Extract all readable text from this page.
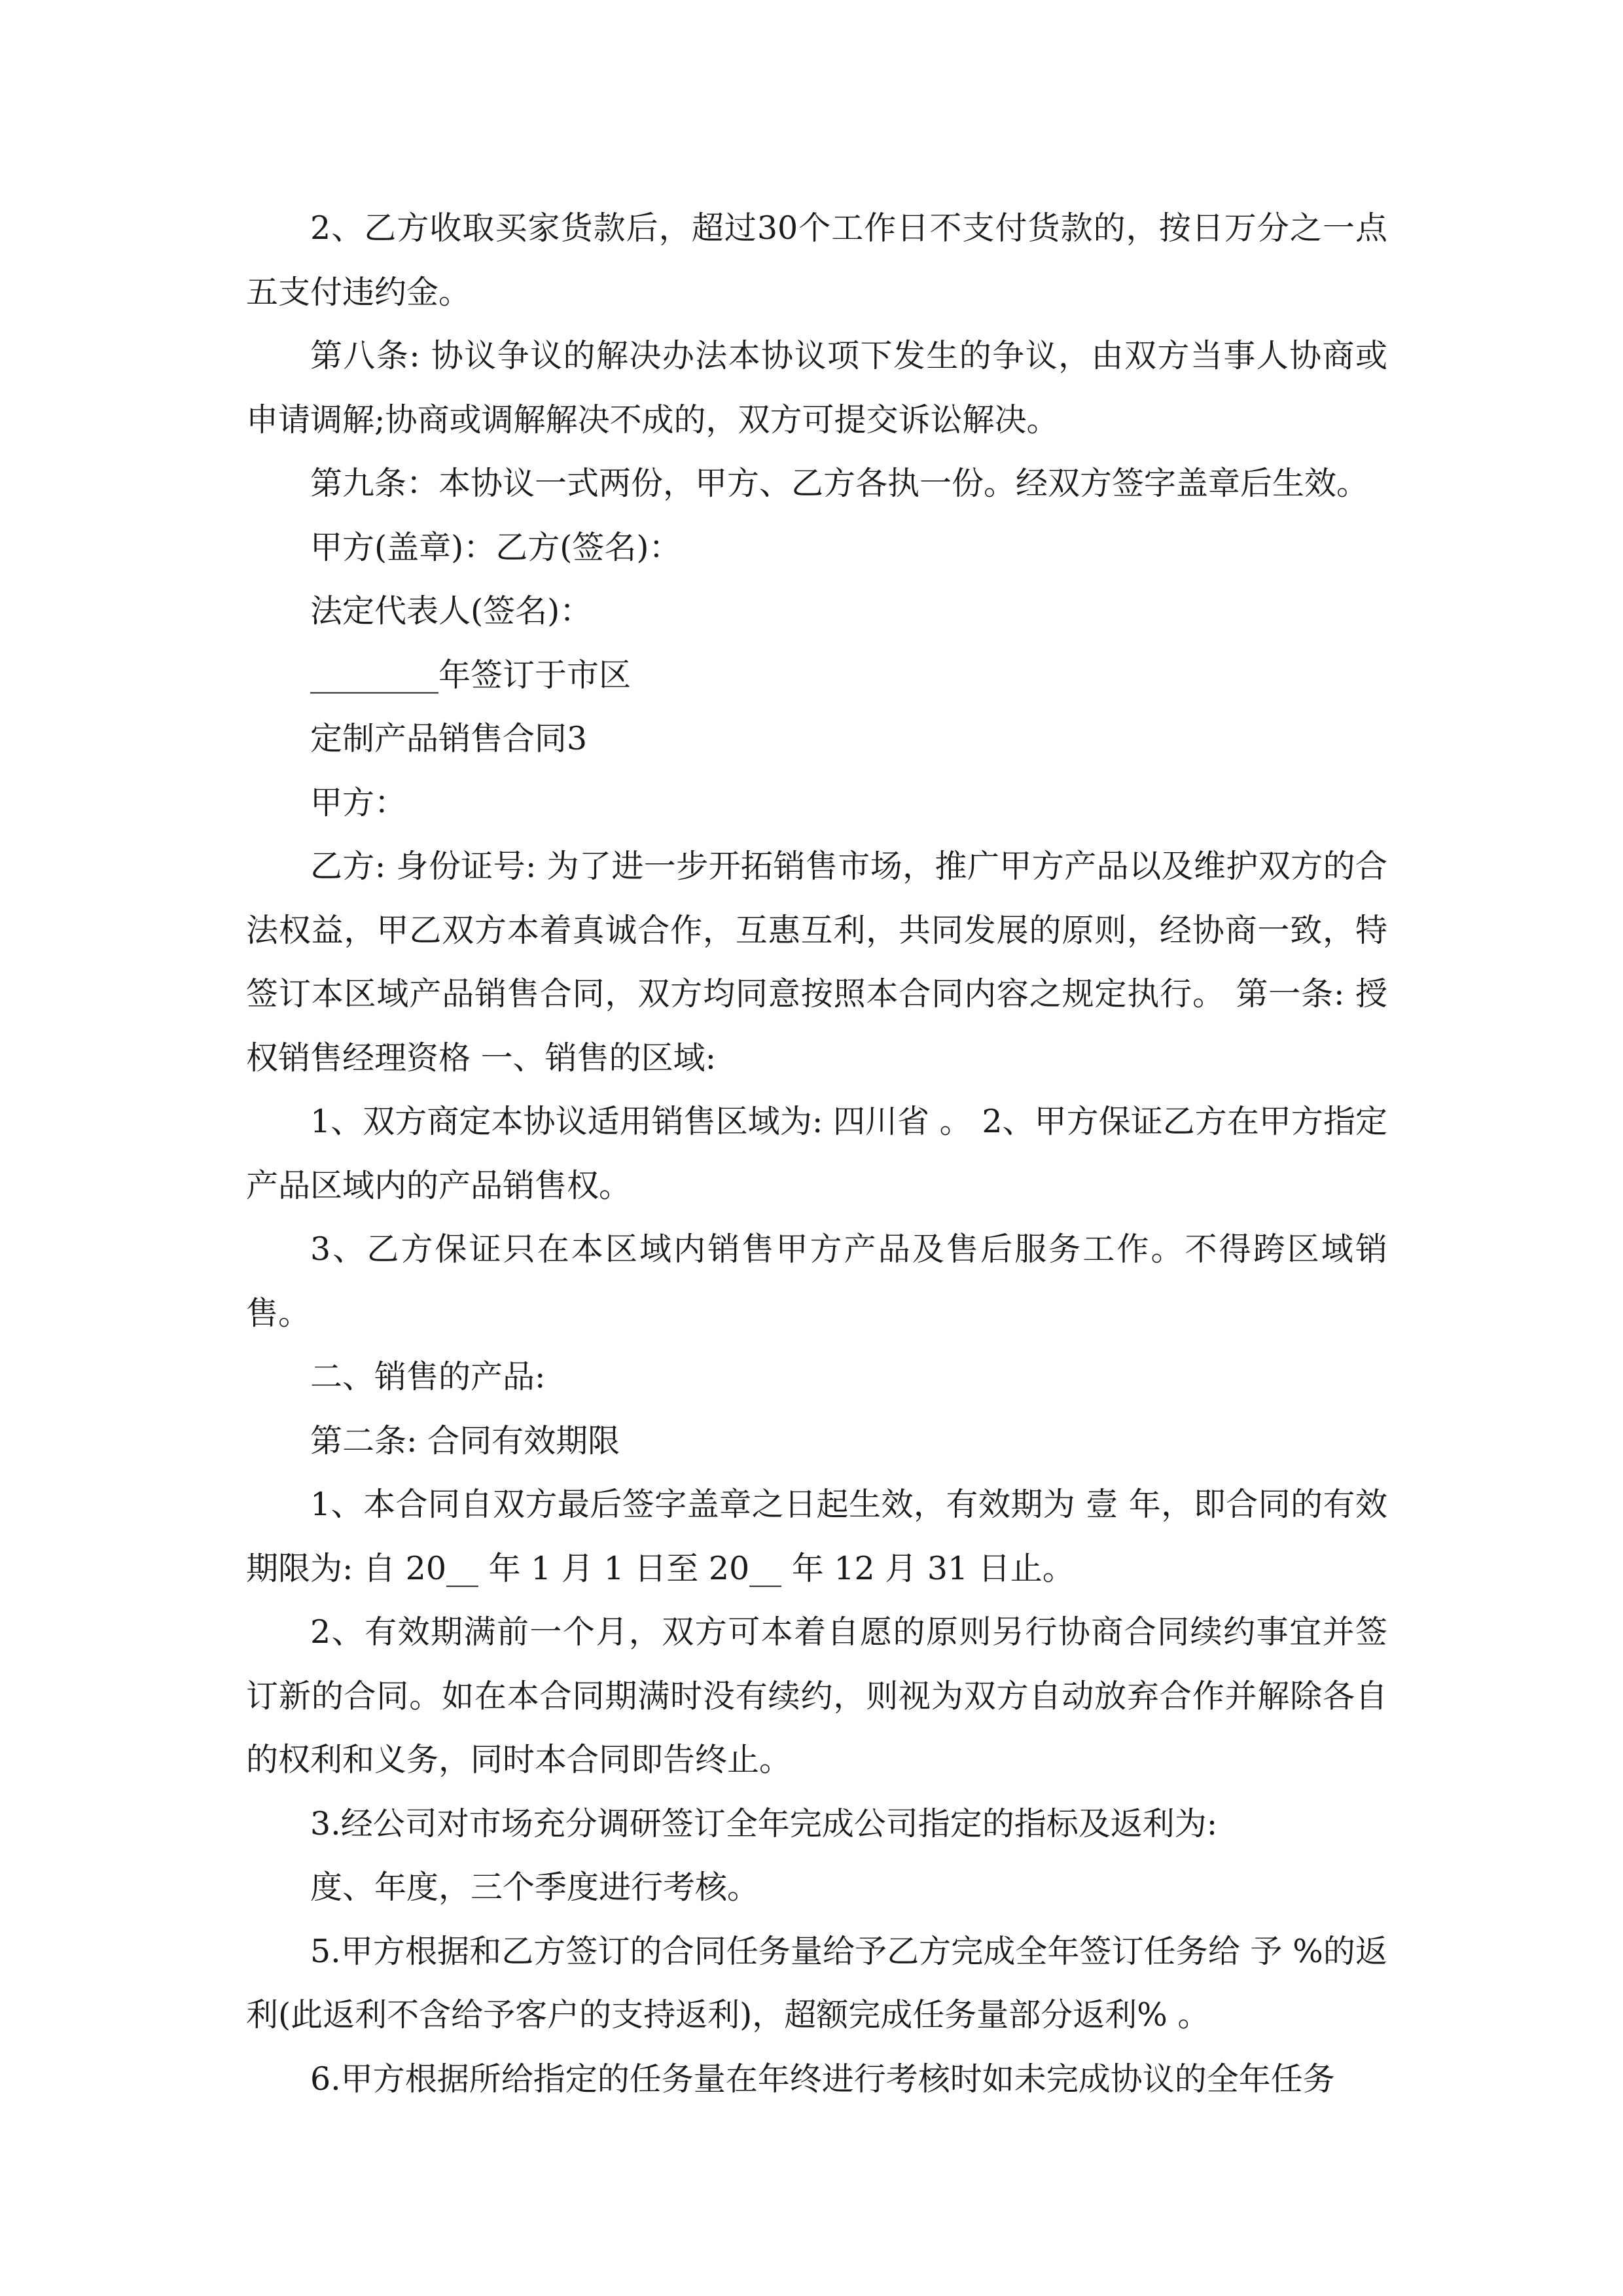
2、乙方收取买家货款后，超过30个工作日不支付货款的，按日万分之一点五支付违约金。

第八条: 协议争议的解决办法本协议项下发生的争议，由双方当事人协商或申请调解;协商或调解解决不成的，双方可提交诉讼解决。

第九条：本协议一式两份，甲方、乙方各执一份。经双方签字盖章后生效。

甲方(盖章)：乙方(签名)：

法定代表人(签名)：

________年签订于市区

定制产品销售合同3

甲方：

乙方: 身份证号: 为了进一步开拓销售市场，推广甲方产品以及维护双方的合法权益，甲乙双方本着真诚合作，互惠互利，共同发展的原则，经协商一致，特签订本区域产品销售合同，双方均同意按照本合同内容之规定执行。 第一条: 授权销售经理资格 一、销售的区域:

1、双方商定本协议适用销售区域为: 四川省 。 2、甲方保证乙方在甲方指定产品区域内的产品销售权。

3、乙方保证只在本区域内销售甲方产品及售后服务工作。不得跨区域销售。

二、销售的产品:

第二条: 合同有效期限

1、本合同自双方最后签字盖章之日起生效，有效期为 壹 年，即合同的有效期限为: 自 20__ 年 1 月 1 日至 20__ 年 12 月 31 日止。

2、有效期满前一个月，双方可本着自愿的原则另行协商合同续约事宜并签订新的合同。如在本合同期满时没有续约，则视为双方自动放弃合作并解除各自的权利和义务，同时本合同即告终止。

3.经公司对市场充分调研签订全年完成公司指定的指标及返利为:

度、年度，三个季度进行考核。

5.甲方根据和乙方签订的合同任务量给予乙方完成全年签订任务给 予 %的返利(此返利不含给予客户的支持返利)，超额完成任务量部分返利% 。

6.甲方根据所给指定的任务量在年终进行考核时如未完成协议的全年任务
